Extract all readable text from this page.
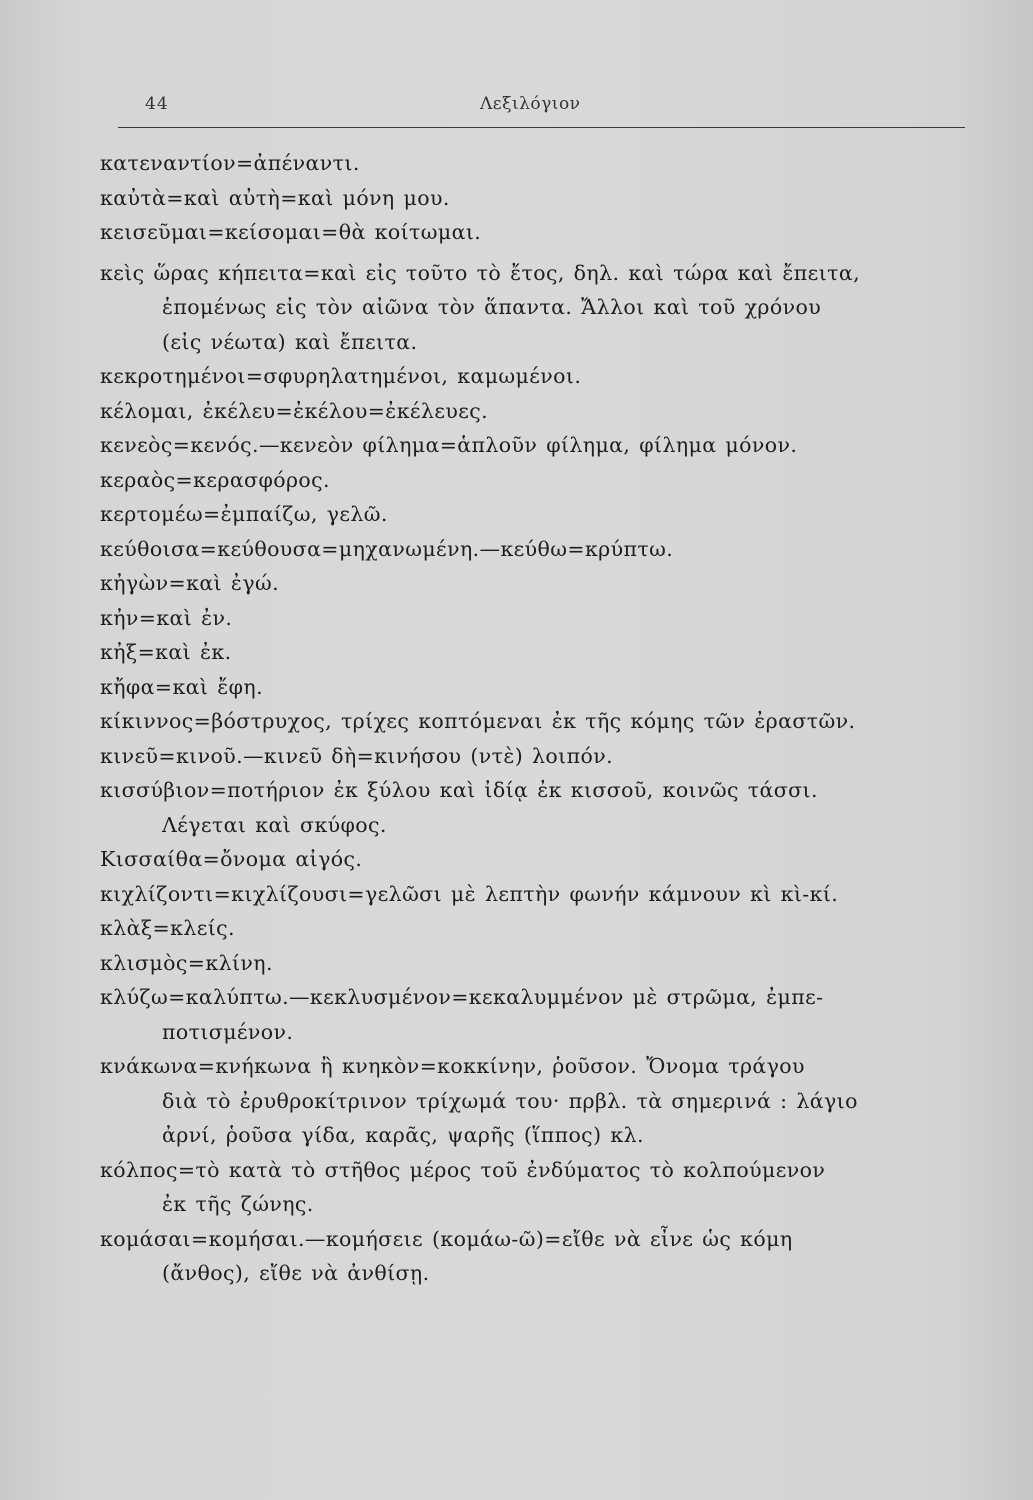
44	Λεξιλόγιον
κατεναντίον=ἀπέναντι.
καὐτὰ=καὶ αὐτὴ=καὶ μόνη μου.
κεισεῦμαι=κείσομαι=θὰ κοίτωμαι.
κεὶς ὥρας κήπειτα=καὶ εἰς τοῦτο τὸ ἔτος, δηλ. καὶ τώρα καὶ ἔπειτα,
ἑπομένως εἰς τὸν αἰῶνα τὸν ἅπαντα. Ἄλλοι καὶ τοῦ χρόνου
(εἰς νέωτα) καὶ ἔπειτα.
κεκροτημένοι=σφυρηλατημένοι, καμωμένοι.
κέλομαι, ἐκέλευ=ἐκέλου=ἐκέλευες.
κενεὸς=κενός.—κενεὸν φίλημα=ἁπλοῦν φίλημα, φίλημα μόνον.
κεραὸς=κερασφόρος.
κερτομέω=ἐμπαίζω, γελῶ.
κεύθοισα=κεύθουσα=μηχανωμένη.—κεύθω=κρύπτω.
κἠγὼν=καὶ ἐγώ.
κἠν=καὶ ἐν.
κἠξ=καὶ ἐκ.
κἤφα=καὶ ἔφη.
κίκιννος=βόστρυχος, τρίχες κοπτόμεναι ἐκ τῆς κόμης τῶν ἐραστῶν.
κινεῦ=κινοῦ.—κινεῦ δὴ=κινήσου (ντὲ) λοιπόν.
κισσύβιον=ποτήριον ἐκ ξύλου καὶ ἰδίᾳ ἐκ κισσοῦ, κοινῶς τάσσι.
Λέγεται καὶ σκύφος.
Κισσαίθα=ὄνομα αἰγός.
κιχλίζοντι=κιχλίζουσι=γελῶσι μὲ λεπτὴν φωνήν κάμνουν κὶ κὶ-κί.
κλὰξ=κλείς.
κλισμὸς=κλίνη.
κλύζω=καλύπτω.—κεκλυσμένον=κεκαλυμμένον μὲ στρῶμα, ἐμπε-
ποτισμένον.
κνάκωνα=κνήκωνα ἢ κνηκὸν=κοκκίνην, ῥοῦσον. Ὄνομα τράγου
διὰ τὸ ἐρυθροκίτρινον τρίχωμά του· πρβλ. τὰ σημερινά : λάγιο
ἀρνί, ῥοῦσα γίδα, καρᾶς, ψαρῆς (ἵππος) κλ.
κόλπος=τὸ κατὰ τὸ στῆθος μέρος τοῦ ἐνδύματος τὸ κολπούμενον
ἐκ τῆς ζώνης.
κομάσαι=κομήσαι.—κομήσειε (κομάω-ῶ)=εἴθε νὰ εἶνε ὡς κόμη
(ἄνθος), εἴθε νὰ ἀνθίσῃ.
